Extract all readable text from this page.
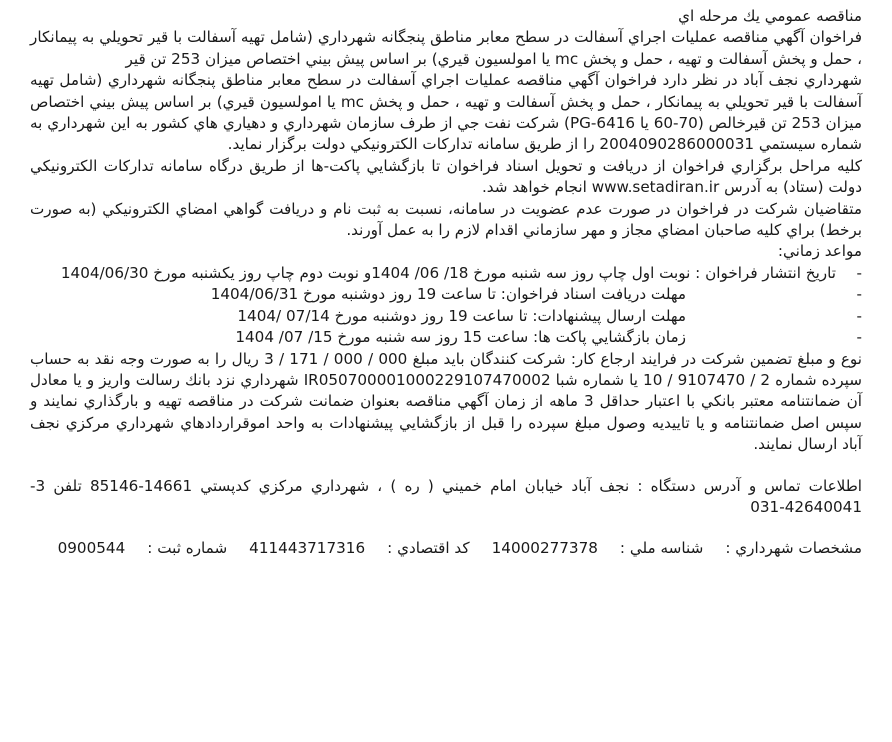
مناقصه عمومي يك مرحله اي

فراخوان آگهي مناقصه عمليات اجراي آسفالت در سطح معابر مناطق پنجگانه شهرداري (شامل تهيه آسفالت با قير تحويلي به پيمانكار ، حمل و پخش آسفالت و تهيه ، حمل و پخش mc يا امولسيون قيري) بر اساس پيش بيني اختصاص ميزان 253 تن قير

شهرداري نجف آباد در نظر دارد فراخوان آگهي مناقصه عمليات اجراي آسفالت در سطح معابر مناطق پنجگانه شهرداري (شامل تهيه آسفالت با قير تحويلي به پيمانكار ، حمل و پخش آسفالت و تهيه ، حمل و پخش mc يا امولسيون قيري) بر اساس پيش بيني اختصاص ميزان 253 تن قيرخالص (70-60 يا PG-6416) شركت نفت جي از طرف سازمان شهرداري و دهياري هاي كشور به اين شهرداري به شماره سيستمي 2004090286000031 را از طريق سامانه تدارکات الکترونيکي دولت برگزار نمايد.

كليه مراحل برگزاري فراخوان از دريافت و تحويل اسناد فراخوان تا بازگشايي پاكت-ها از طريق درگاه سامانه تداركات الكترونيكي دولت (ستاد) به آدرس www.setadiran.ir انجام خواهد شد.

متقاضيان شركت در فراخوان در صورت عدم عضويت در سامانه، نسبت به ثبت نام و دريافت گواهي امضاي الكترونيكي (به صورت برخط) براي كليه صاحبان امضاي مجاز و مهر سازماني اقدام لازم را به عمل آورند.

مواعد زماني:

-
تاريخ انتشار فراخوان : نوبت اول چاپ روز سه شنبه مورخ 18/ 06/ 1404و نوبت دوم چاپ روز يكشنبه مورخ 1404/06/30
-
مهلت دريافت اسناد فراخوان: تا ساعت 19 روز دوشنبه مورخ 1404/06/31
-
مهلت ارسال پيشنهادات: تا ساعت 19 روز دوشنبه مورخ 07/14 /1404
-
زمان بازگشايي پاكت ها: ساعت 15 روز سه شنبه مورخ 15/ 07/ 1404

نوع و مبلغ تضمين شركت در فرايند ارجاع كار: شركت كنندگان بايد مبلغ 000 / 000 / 171 / 3 ريال را به صورت وجه نقد به حساب سپرده شماره 2 / 9107470 / 10 يا شماره شبا IR050700001000229107470002 شهرداري نزد بانك رسالت واريز و يا معادل آن ضمانتنامه معتبر بانكي با اعتبار حداقل 3 ماهه از زمان آگهي مناقصه بعنوان ضمانت شركت در مناقصه تهيه و بارگذاري نمايند و سپس اصل ضمانتنامه و يا تاييديه وصول مبلغ سپرده را قبل از بازگشايي پيشنهادات به واحد اموقراردادهاي شهرداري مركزي نجف آباد ارسال نمايند.

اطلاعات تماس و آدرس دستگاه : نجف آباد خيابان امام خميني ( ره ) ، شهرداري مركزي كدپستي 14661-85146 تلفن 3-42640041-031

مشخصات شهرداري :
شناسه ملي :
14000277378
كد اقتصادي :
411443717316
شماره ثبت :
0900544
